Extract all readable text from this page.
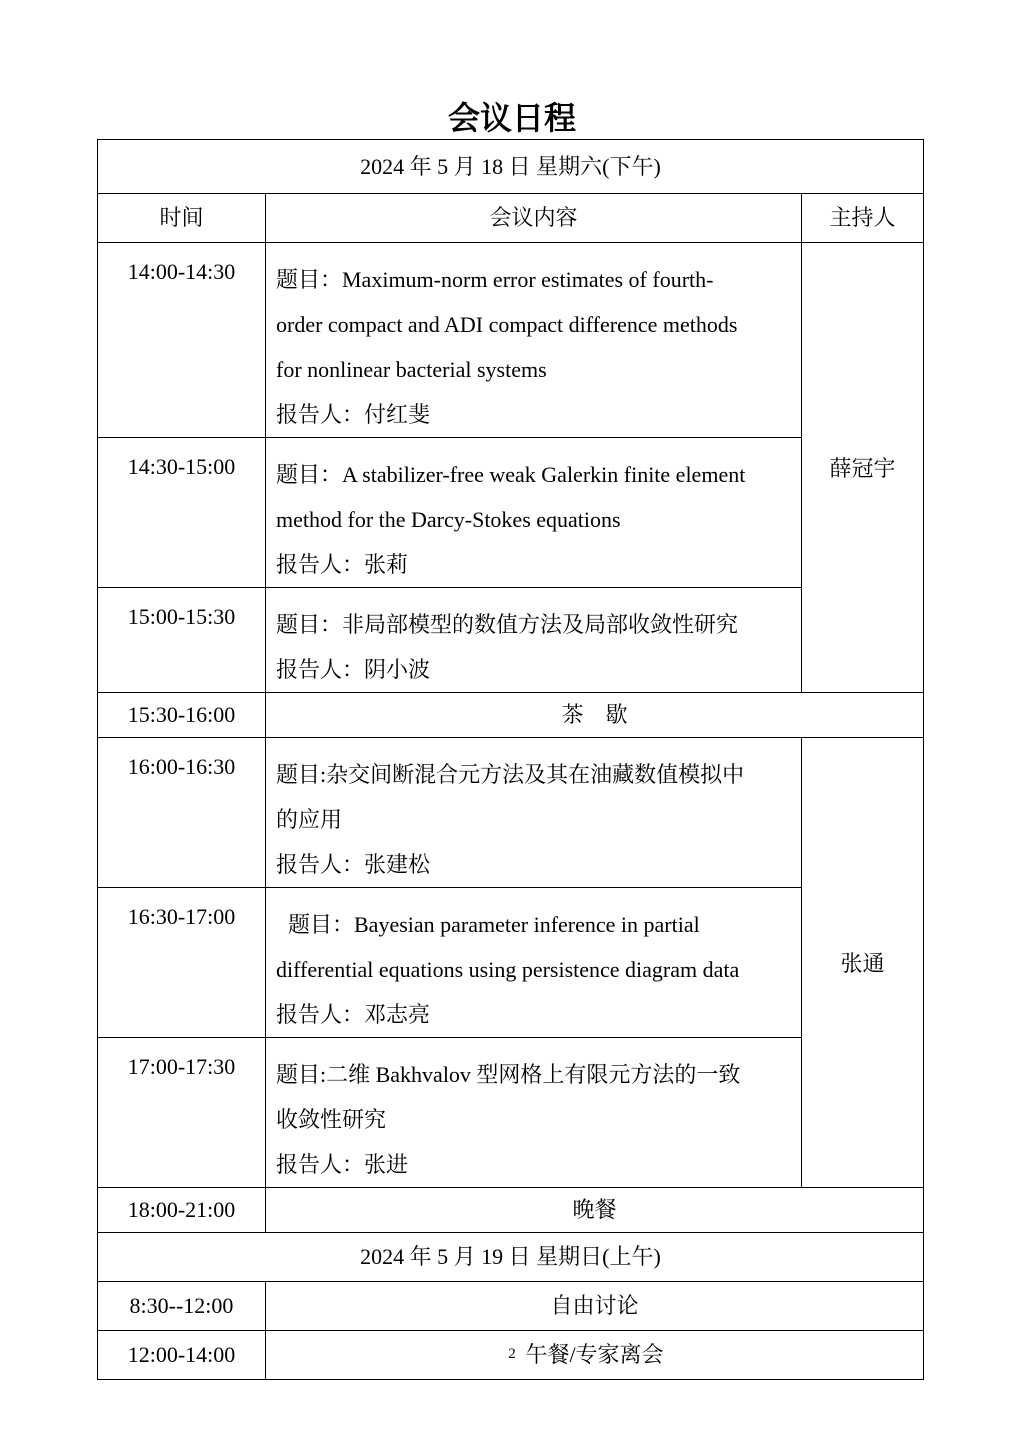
会议日程
2024 年 5 月 18 日 星期六(下午)		
时间	会议内容	主持人
14:00-14:30	题目：Maximum-norm error estimates of fourth-
order compact and ADI compact difference methods
for nonlinear bacterial systems
报告人：付红斐	薛冠宇
14:30-15:00	题目：A stabilizer-free weak Galerkin finite element
method for the Darcy-Stokes equations
报告人：张莉	

15:00-15:30	题目：非局部模型的数值方法及局部收敛性研究
报告人：阴小波	

15:30-16:00	茶    歇	
16:00-16:30	题目:杂交间断混合元方法及其在油藏数值模拟中
的应用
报告人：张建松	张通
16:30-17:00	题目：Bayesian parameter inference in partial
differential equations using persistence diagram data
报告人：邓志亮	

17:00-17:30	题目:二维 Bakhvalov 型网格上有限元方法的一致
收敛性研究
报告人：张进	

18:00-21:00	晚餐	
2024 年 5 月 19 日 星期日(上午)		
8:30--12:00	自由讨论	
12:00-14:00	午餐/专家离会	
2
